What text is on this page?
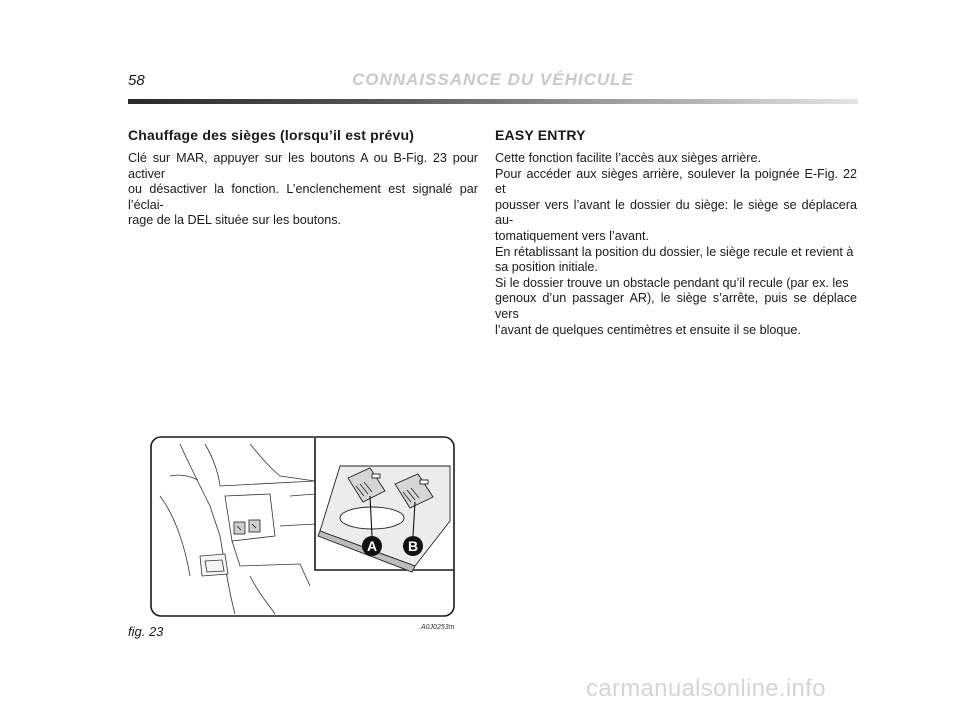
58	CONNAISSANCE DU VÉHICULE
Chauffage des sièges (lorsqu’il est prévu)

Clé sur MAR, appuyer sur les boutons A ou B-Fig. 23 pour activer
ou désactiver la fonction. L’enclenchement est signalé par l’éclai-
rage de la DEL située sur les boutons.

EASY ENTRY

Cette fonction facilite l’accès aux sièges arrière.
Pour accéder aux sièges arrière, soulever la poignée E-Fig. 22 et
pousser vers l’avant le dossier du siège: le siège se déplacera au-
tomatiquement vers l’avant.
En rétablissant la position du dossier, le siège recule et revient à
sa position initiale.
Si le dossier trouve un obstacle pendant qu’il recule (par ex. les
genoux d’un passager AR), le siège s’arrête, puis se déplace vers
l’avant de quelques centimètres et ensuite il se bloque.

A B
fig. 23	A0J0253m
carmanualsonline.info
